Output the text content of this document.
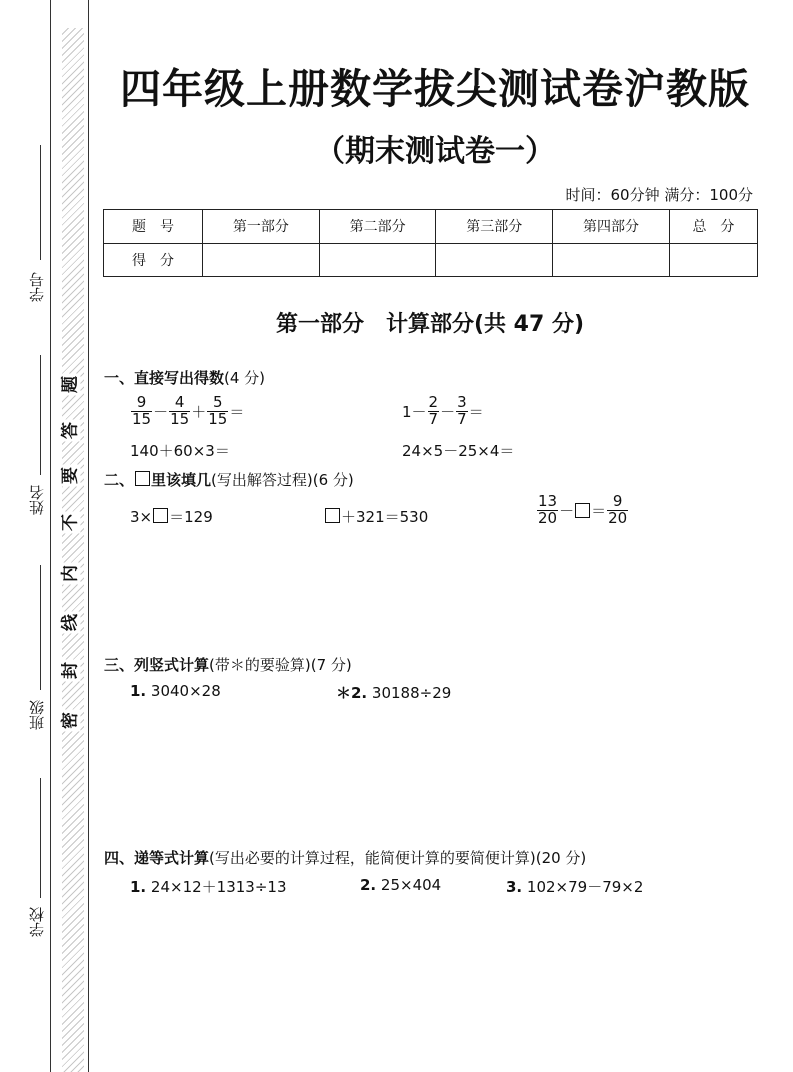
学号
姓名
班级
学校
题
答
要
不
内
线
封
密
四年级上册数学拔尖测试卷沪教版
（期末测试卷一）
时间：60分钟 满分：100分
题　号	第一部分	第二部分	第三部分	第四部分	总　分
得　分					
第一部分　计算部分(共 47 分)
一、直接写出得数(4 分)
$\frac{9}{15} - \frac{4}{15} + \frac{5}{15}$ ＝	$1- \frac{2}{7} - \frac{3}{7}$ ＝
140＋60×3＝	24×5－25×4＝
二、 里该填几(写出解答过程)(6 分)
3× ＝129	＋321＝530	$\frac{13}{20}$ － ＝ $\frac{9}{20}$
三、列竖式计算(带＊的要验算)(7 分)
1. 3040×28	＊2. 30188÷29
四、递等式计算(写出必要的计算过程，能简便计算的要简便计算)(20 分)
1. 24×12＋1313÷13	2. 25×404	3. 102×79－79×2
